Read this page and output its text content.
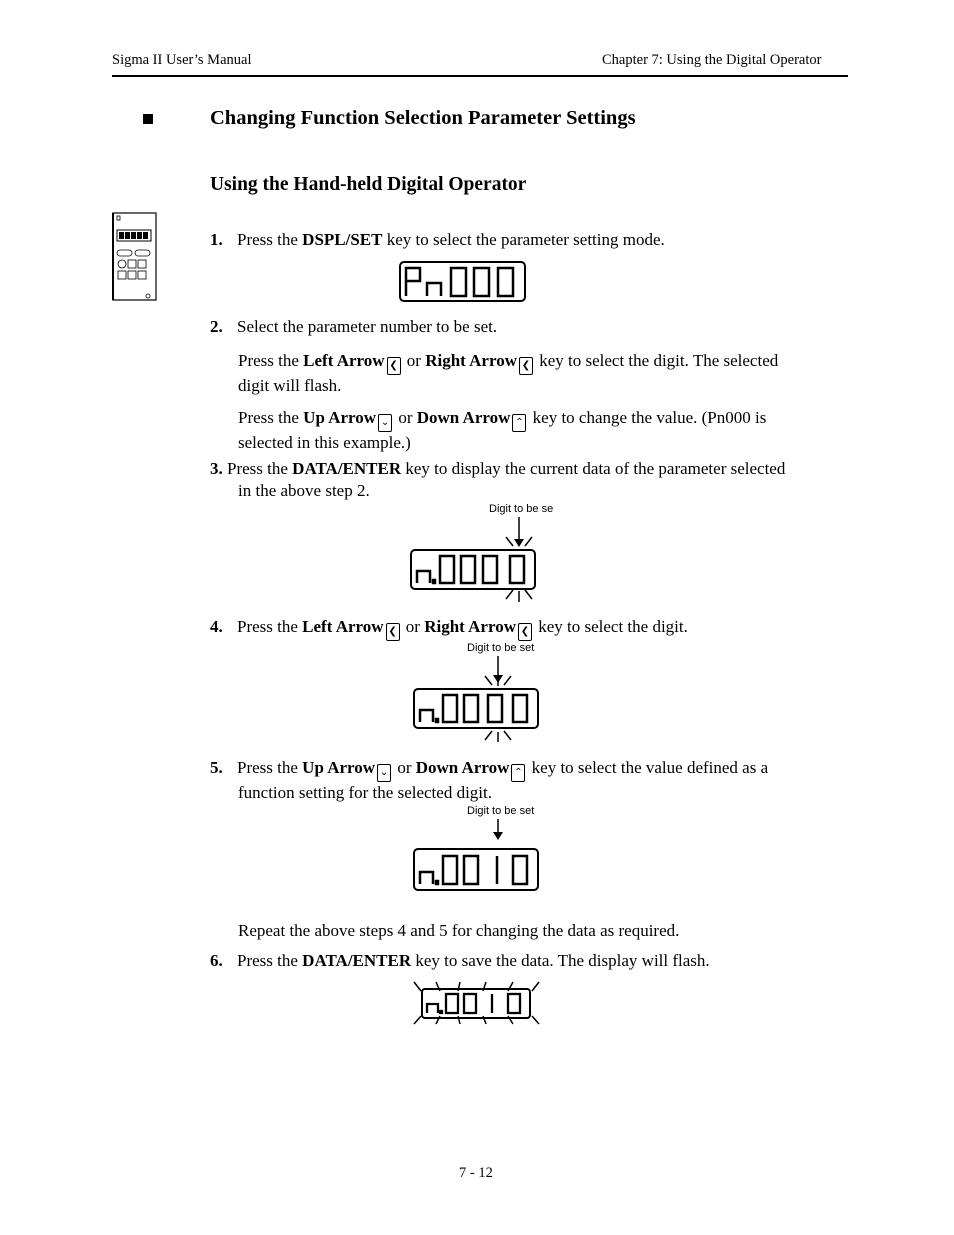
Sigma II User’s Manual	Chapter 7: Using the Digital Operator
Changing Function Selection Parameter Settings
Using the Hand-held Digital Operator
1. Press the DSPL/SET key to select the parameter setting mode.
Pn000
2. Select the parameter number to be set.
Press the Left Arrow ❮ or Right Arrow ❮ key to select the digit. The selected
digit will flash.
Press the Up Arrow ⌄ or Down Arrow ⌃ key to change the value. (Pn000 is
selected in this example.)
3. Press the DATA/ENTER key to display the current data of the parameter selected
in the above step 2.
Digit to be se
n.0000
4. Press the Left Arrow ❮ or Right Arrow ❮ key to select the digit.
Digit to be set
n.0000
5. Press the Up Arrow ⌄ or Down Arrow ⌃ key to select the value defined as a
function setting for the selected digit.
Digit to be set
n.0010
Repeat the above steps 4 and 5 for changing the data as required.
6. Press the DATA/ENTER key to save the data. The display will flash.
n.0010
7 - 12
